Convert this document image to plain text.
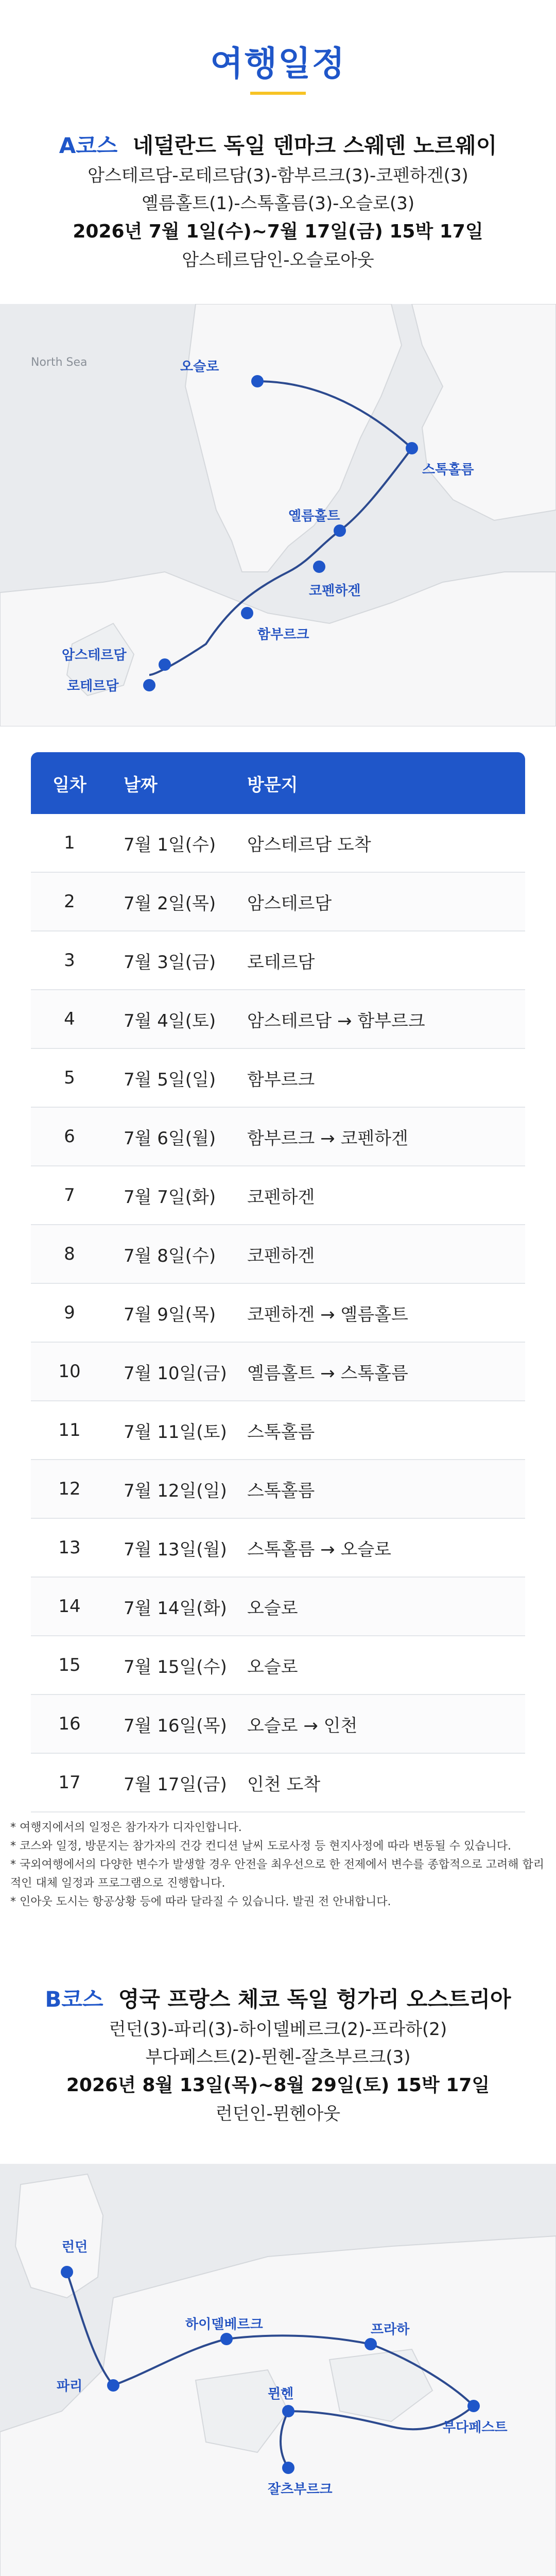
여행일정

A코스 네덜란드 독일 덴마크 스웨덴 노르웨이

암스테르담-로테르담(3)-함부르크(3)-코펜하겐(3)

옐름홀트(1)-스톡홀름(3)-오슬로(3)

2026년 7월 1일(수)~7월 17일(금) 15박 17일

암스테르담인-오슬로아웃

North Sea	오슬로
스톡홀름
옐름홀트
코펜하겐
함부르크
암스테르담
로테르담
일차	날짜	방문지
1	7월 1일(수)	암스테르담 도착
2	7월 2일(목)	암스테르담
3	7월 3일(금)	로테르담
4	7월 4일(토)	암스테르담 → 함부르크
5	7월 5일(일)	함부르크
6	7월 6일(월)	함부르크 → 코펜하겐
7	7월 7일(화)	코펜하겐
8	7월 8일(수)	코펜하겐
9	7월 9일(목)	코펜하겐 → 옐름홀트
10	7월 10일(금)	옐름홀트 → 스톡홀름
11	7월 11일(토)	스톡홀름
12	7월 12일(일)	스톡홀름
13	7월 13일(월)	스톡홀름 → 오슬로
14	7월 14일(화)	오슬로
15	7월 15일(수)	오슬로
16	7월 16일(목)	오슬로 → 인천
17	7월 17일(금)	인천 도착

* 여행지에서의 일정은 참가자가 디자인합니다.

* 코스와 일정, 방문지는 참가자의 건강 컨디션 날씨 도로사정 등 현지사정에 따라 변동될 수 있습니다.

* 국외여행에서의 다양한 변수가 발생할 경우 안전을 최우선으로 한 전제에서 변수를 종합적으로 고려해 합리적인 대체 일정과 프로그램으로 진행합니다.

* 인아웃 도시는 항공상황 등에 따라 달라질 수 있습니다. 발권 전 안내합니다.

B코스 영국 프랑스 체코 독일 헝가리 오스트리아

런던(3)-파리(3)-하이델베르크(2)-프라하(2)

부다페스트(2)-뮌헨-잘츠부르크(3)

2026년 8월 13일(목)~8월 29일(토) 15박 17일

런던인-뮌헨아웃

런던
파리
하이델베르크	프라하
뮌헨
잘츠부르크
부다페스트
